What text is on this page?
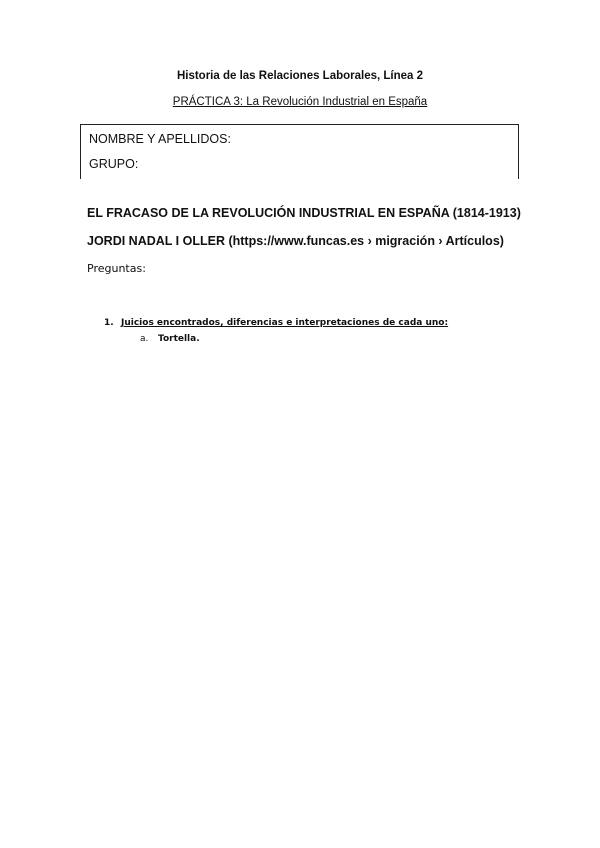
Historia de las Relaciones Laborales, Línea 2
PRÁCTICA 3: La Revolución Industrial en España
NOMBRE Y APELLIDOS:
GRUPO:
EL FRACASO DE LA REVOLUCIÓN INDUSTRIAL EN ESPAÑA (1814-1913)
JORDI NADAL I OLLER (https://www.funcas.es › migración › Artículos)
Preguntas:
1. Juicios encontrados, diferencias e interpretaciones de cada uno:
a. Tortella.
